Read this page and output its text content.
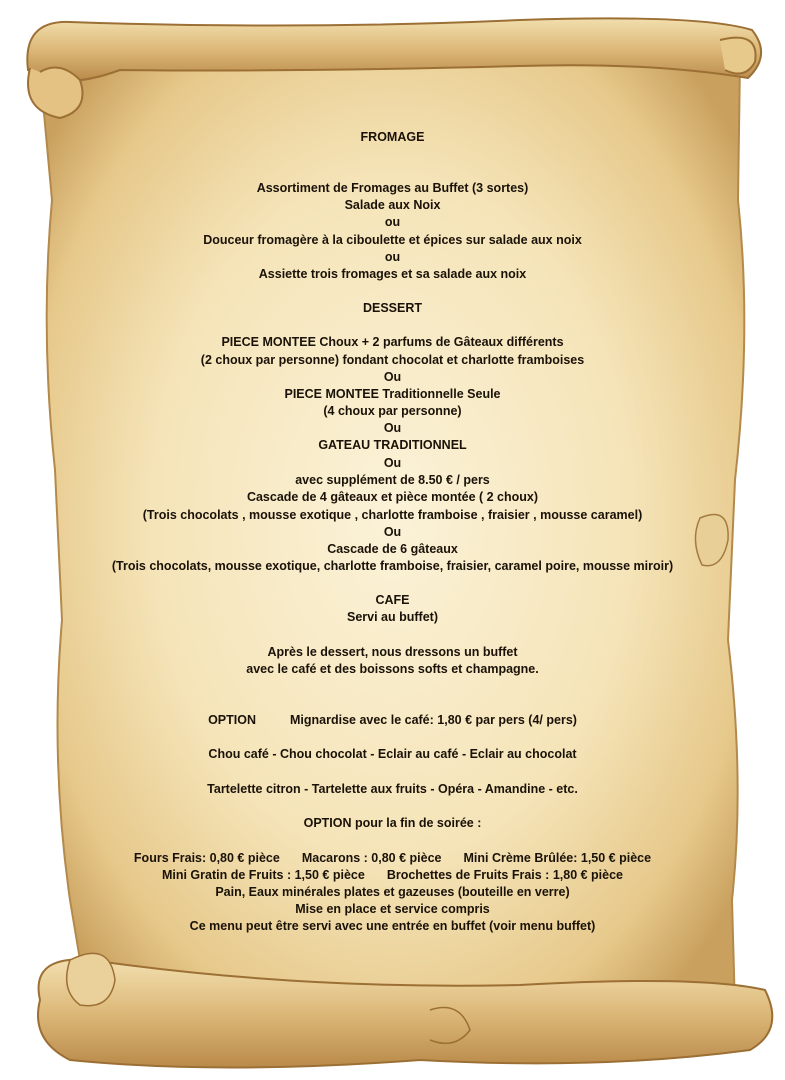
FROMAGE
Assortiment de Fromages au Buffet (3 sortes)
Salade aux Noix
ou
Douceur fromagère à la ciboulette et épices sur salade aux noix
ou
Assiette trois fromages et sa salade aux noix
DESSERT
PIECE MONTEE Choux + 2 parfums de Gâteaux différents
(2 choux par personne) fondant chocolat et charlotte framboises
Ou
PIECE MONTEE Traditionnelle Seule
(4 choux par personne)
Ou
GATEAU TRADITIONNEL
Ou
avec supplément de 8.50 € / pers
Cascade de 4 gâteaux et pièce montée ( 2 choux)
(Trois chocolats , mousse exotique , charlotte framboise , fraisier , mousse caramel)
Ou
Cascade de 6 gâteaux
(Trois chocolats, mousse exotique, charlotte framboise, fraisier, caramel poire, mousse miroir)
CAFE
Servi au buffet)
Après le dessert, nous dressons un buffet
avec le café et des boissons softs et champagne.
OPTION	Mignardise avec le café: 1,80 € par pers (4/ pers)
Chou café - Chou chocolat - Eclair au café - Eclair au chocolat
Tartelette citron - Tartelette aux fruits - Opéra - Amandine - etc.
OPTION pour la fin de soirée :
Fours Frais: 0,80 € pièce Macarons : 0,80 € pièce Mini Crème Brûlée: 1,50 € pièce
Mini Gratin de Fruits : 1,50 € pièce Brochettes de Fruits Frais : 1,80 € pièce
Pain, Eaux minérales plates et gazeuses (bouteille en verre)
Mise en place et service compris
Ce menu peut être servi avec une entrée en buffet (voir menu buffet)
